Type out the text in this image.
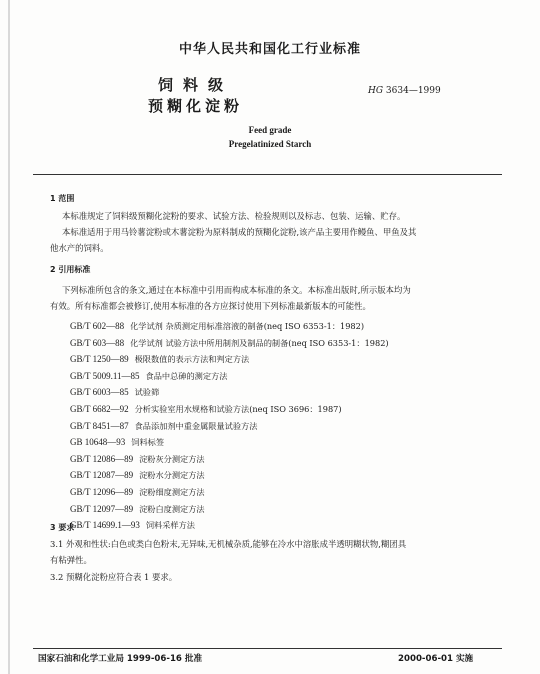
中华人民共和国化工行业标准
饲料级
预糊化淀粉
HG 3634—1999
Feed grade
Pregelatinized Starch
1 范围
本标准规定了饲料级预糊化淀粉的要求、试验方法、检验规则以及标志、包装、运输、贮存。
本标准适用于用马铃薯淀粉或木薯淀粉为原料制成的预糊化淀粉,该产品主要用作鳗鱼、甲鱼及其
他水产的饲料。
2 引用标准
下列标准所包含的条文,通过在本标准中引用而构成本标准的条文。本标准出版时,所示版本均为
有效。所有标准都会被修订,使用本标准的各方应探讨使用下列标准最新版本的可能性。
GB/T 602—88 化学试剂 杂质测定用标准溶液的制备(neq ISO 6353-1：1982)
GB/T 603—88 化学试剂 试验方法中所用制剂及制品的制备(neq ISO 6353-1：1982)
GB/T 1250—89 极限数值的表示方法和判定方法
GB/T 5009.11—85 食品中总砷的测定方法
GB/T 6003—85 试验筛
GB/T 6682—92 分析实验室用水规格和试验方法(neq ISO 3696：1987)
GB/T 8451—87 食品添加剂中重金属限量试验方法
GB 10648—93 饲料标签
GB/T 12086—89 淀粉灰分测定方法
GB/T 12087—89 淀粉水分测定方法
GB/T 12096—89 淀粉细度测定方法
GB/T 12097—89 淀粉白度测定方法
GB/T 14699.1—93 饲料采样方法
3 要求
3.1 外观和性状:白色或类白色粉末,无异味,无机械杂质,能够在冷水中溶胀成半透明糊状物,糊团具
有粘弹性。
3.2 预糊化淀粉应符合表 1 要求。
国家石油和化学工业局 1999-06-16 批准	2000-06-01 实施
